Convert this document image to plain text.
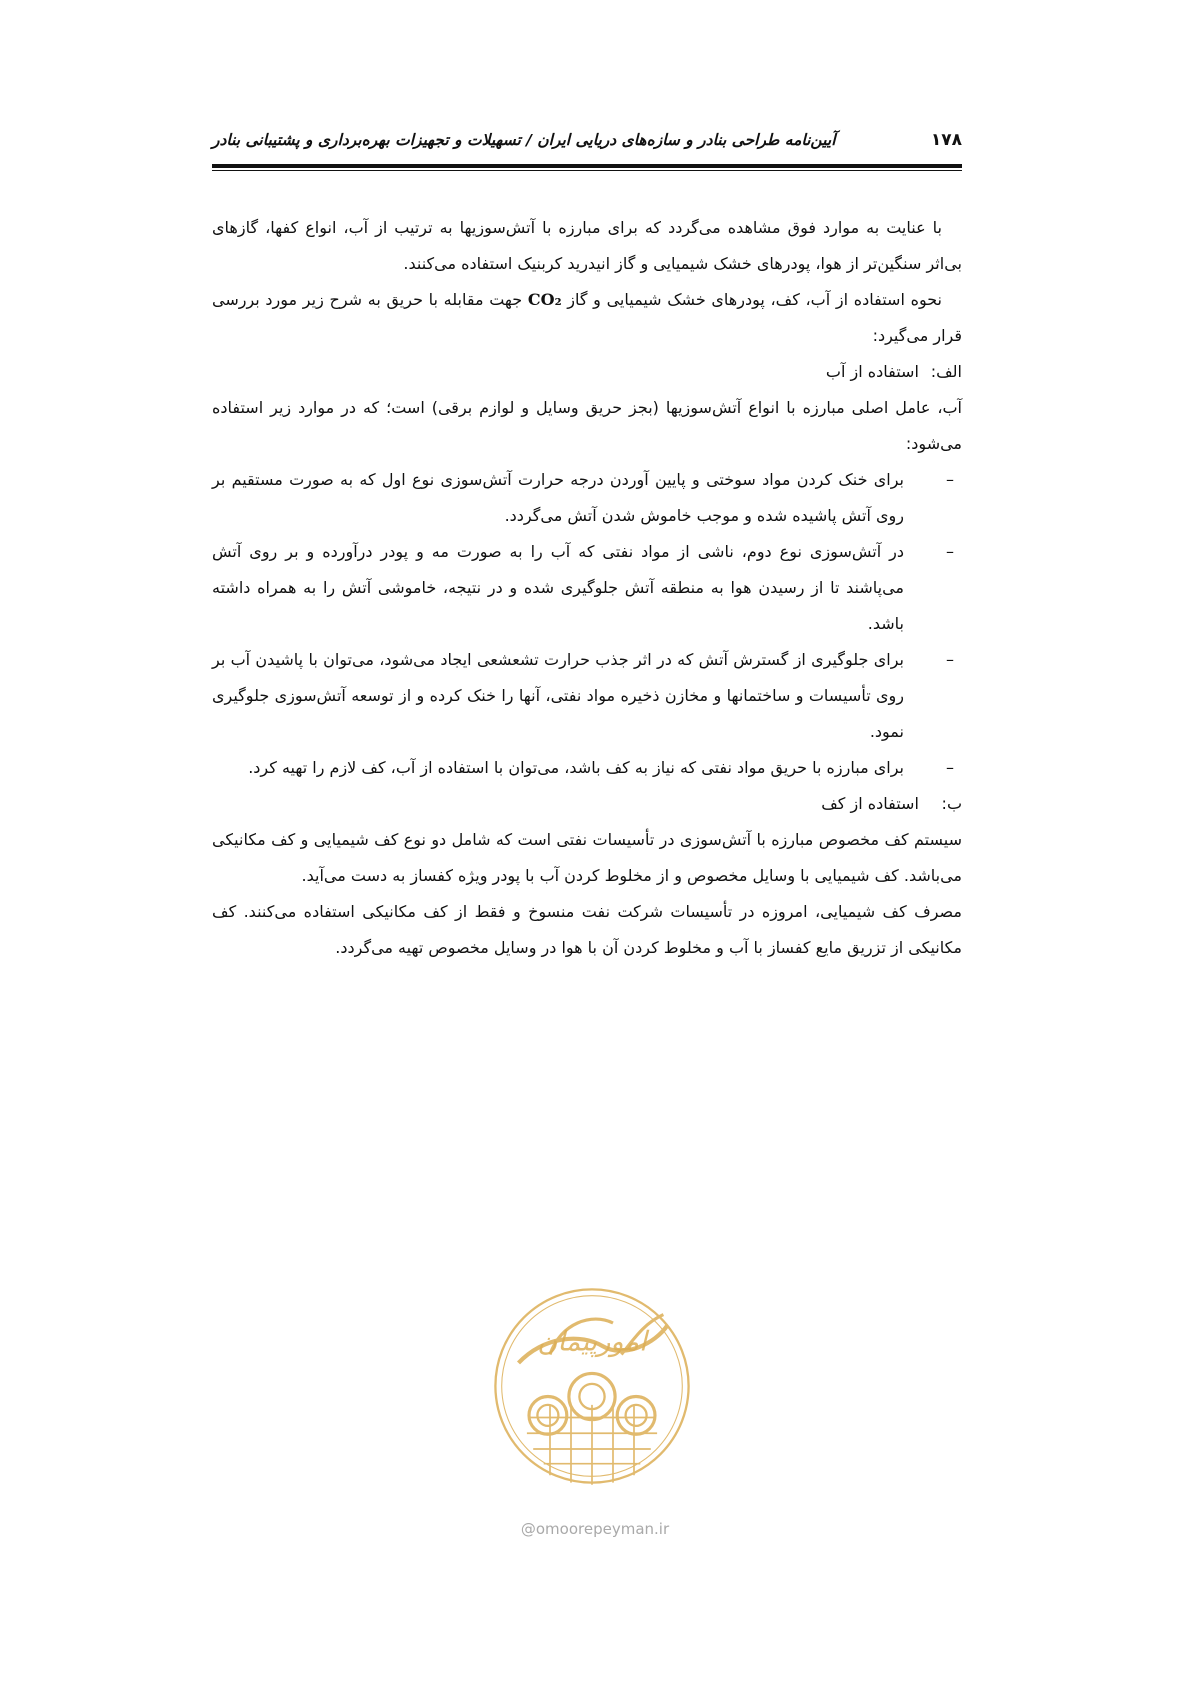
۱۷۸
آیین‌نامه طراحی بنادر و سازه‌های دریایی ایران / تسهیلات و تجهیزات بهره‌برداری و پشتیبانی بنادر

با عنایت به موارد فوق مشاهده می‌گردد که برای مبارزه با آتش‌سوزیها به ترتیب از آب، انواع کفها، گازهای بی‌اثر سنگین‌تر از هوا، پودرهای خشک شیمیایی و گاز انیدرید کربنیک استفاده می‌کنند.

نحوه استفاده از آب، کف، پودرهای خشک شیمیایی و گاز CO₂ جهت مقابله با حریق به شرح زیر مورد بررسی قرار می‌گیرد:

الف: استفاده از آب

آب، عامل اصلی مبارزه با انواع آتش‌سوزیها (بجز حریق وسایل و لوازم برقی) است؛ که در موارد زیر استفاده می‌شود:

–
برای خنک کردن مواد سوختی و پایین آوردن درجه حرارت آتش‌سوزی نوع اول که به صورت مستقیم بر روی آتش پاشیده شده و موجب خاموش شدن آتش می‌گردد.
–
در آتش‌سوزی نوع دوم، ناشی از مواد نفتی که آب را به صورت مه و پودر درآورده و بر روی آتش می‌پاشند تا از رسیدن هوا به منطقه آتش جلوگیری شده و در نتیجه، خاموشی آتش را به همراه داشته باشد.
–
برای جلوگیری از گسترش آتش که در اثر جذب حرارت تشعشعی ایجاد می‌شود، می‌توان با پاشیدن آب بر روی تأسیسات و ساختمانها و مخازن ذخیره مواد نفتی، آنها را خنک کرده و از توسعه آتش‌سوزی جلوگیری نمود.
–
برای مبارزه با حریق مواد نفتی که نیاز به کف باشد، می‌توان با استفاده از آب، کف لازم را تهیه کرد.

ب: استفاده از کف

سیستم کف مخصوص مبارزه با آتش‌سوزی در تأسیسات نفتی است که شامل دو نوع کف شیمیایی و کف مکانیکی می‌باشد. کف شیمیایی با وسایل مخصوص و از مخلوط کردن آب با پودر ویژه کفساز به دست می‌آید.

مصرف کف شیمیایی، امروزه در تأسیسات شرکت نفت منسوخ و فقط از کف مکانیکی استفاده می‌کنند. کف مکانیکی از تزریق مایع کفساز با آب و مخلوط کردن آن با هوا در وسایل مخصوص تهیه می‌گردد.

امورپیمان
@omoorepeyman.ir
